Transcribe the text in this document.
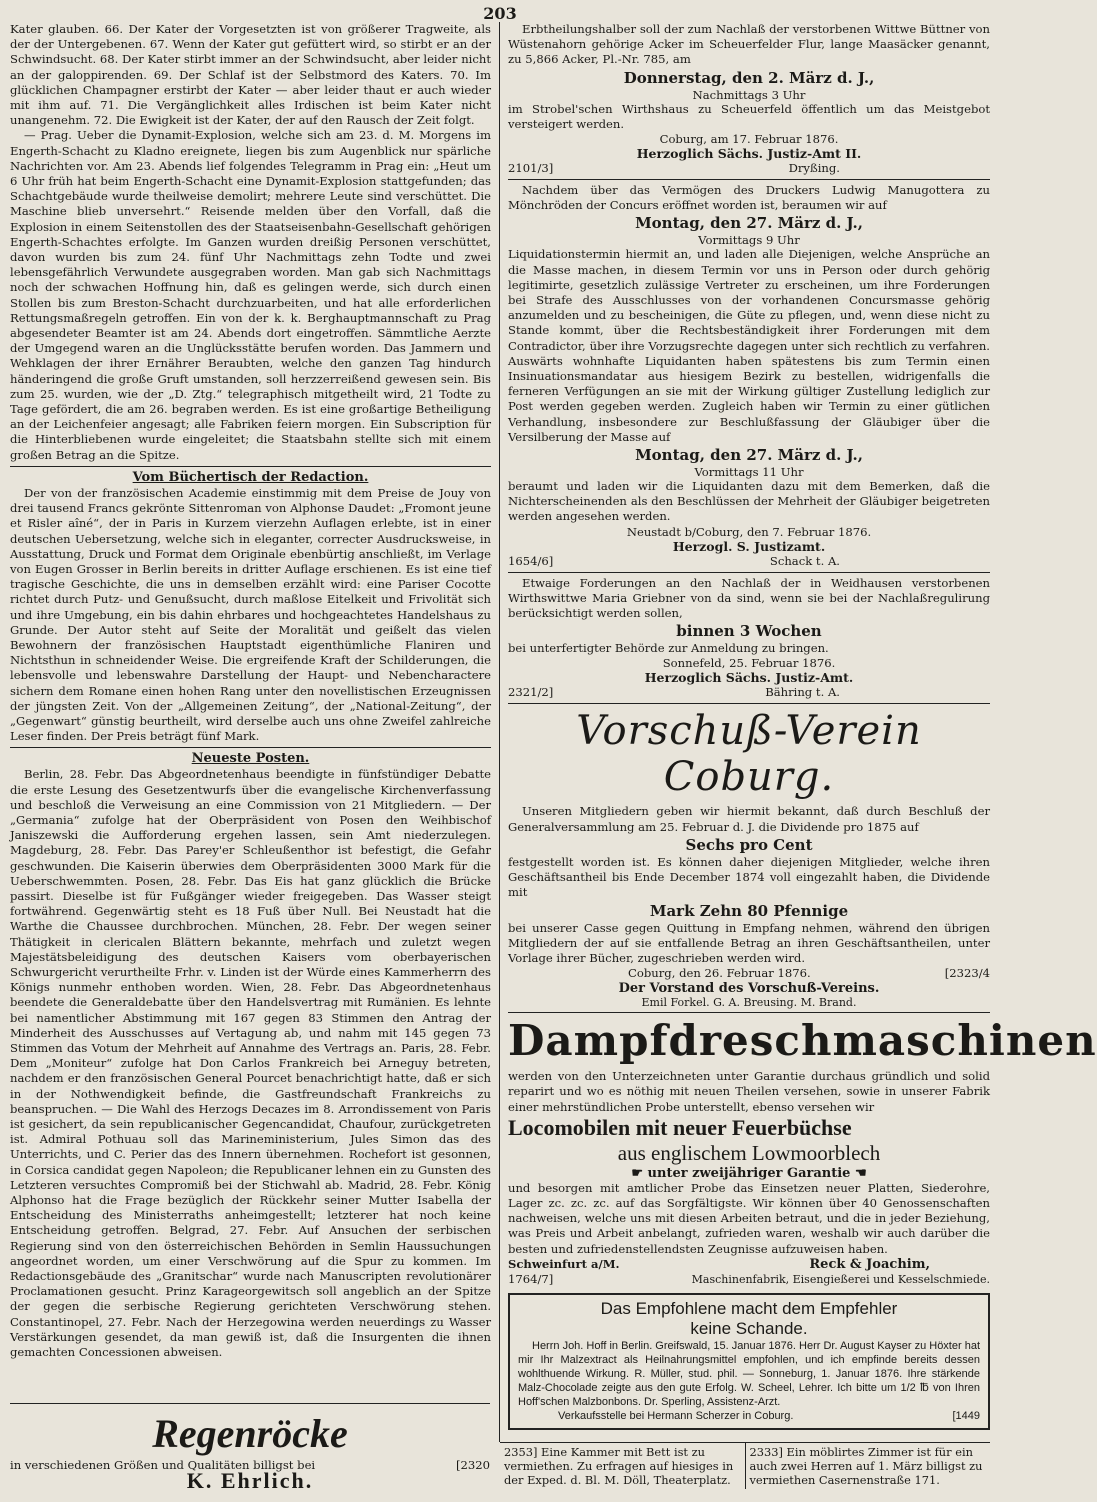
203

Kater glauben. 66. Der Kater der Vorgesetzten ist von größerer Tragweite, als der der Untergebenen. 67. Wenn der Kater gut gefüttert wird, so stirbt er an der Schwindsucht. 68. Der Kater stirbt immer an der Schwindsucht, aber leider nicht an der galoppirenden. 69. Der Schlaf ist der Selbstmord des Katers. 70. Im glücklichen Champagner erstirbt der Kater — aber leider thaut er auch wieder mit ihm auf. 71. Die Vergänglichkeit alles Irdischen ist beim Kater nicht unangenehm. 72. Die Ewigkeit ist der Kater, der auf den Rausch der Zeit folgt.

— Prag. Ueber die Dynamit-Explosion, welche sich am 23. d. M. Morgens im Engerth-Schacht zu Kladno ereignete, liegen bis zum Augenblick nur spärliche Nachrichten vor. Am 23. Abends lief folgendes Telegramm in Prag ein: „Heut um 6 Uhr früh hat beim Engerth-Schacht eine Dynamit-Explosion stattgefunden; das Schachtgebäude wurde theilweise demolirt; mehrere Leute sind verschüttet. Die Maschine blieb unversehrt.“ Reisende melden über den Vorfall, daß die Explosion in einem Seitenstollen des der Staatseisenbahn-Gesellschaft gehörigen Engerth-Schachtes erfolgte. Im Ganzen wurden dreißig Personen verschüttet, davon wurden bis zum 24. fünf Uhr Nachmittags zehn Todte und zwei lebensgefährlich Verwundete ausgegraben worden. Man gab sich Nachmittags noch der schwachen Hoffnung hin, daß es gelingen werde, sich durch einen Stollen bis zum Breston-Schacht durchzuarbeiten, und hat alle erforderlichen Rettungsmaßregeln getroffen. Ein von der k. k. Berghauptmannschaft zu Prag abgesendeter Beamter ist am 24. Abends dort eingetroffen. Sämmtliche Aerzte der Umgegend waren an die Unglücksstätte berufen worden. Das Jammern und Wehklagen der ihrer Ernährer Beraubten, welche den ganzen Tag hindurch händeringend die große Gruft umstanden, soll herzzerreißend gewesen sein. Bis zum 25. wurden, wie der „D. Ztg.“ telegraphisch mitgetheilt wird, 21 Todte zu Tage gefördert, die am 26. begraben werden. Es ist eine großartige Betheiligung an der Leichenfeier angesagt; alle Fabriken feiern morgen. Ein Subscription für die Hinterbliebenen wurde eingeleitet; die Staatsbahn stellte sich mit einem großen Betrag an die Spitze.

Vom Büchertisch der Redaction.

Der von der französischen Academie einstimmig mit dem Preise de Jouy von drei tausend Francs gekrönte Sittenroman von Alphonse Daudet: „Fromont jeune et Risler aîné“, der in Paris in Kurzem vierzehn Auflagen erlebte, ist in einer deutschen Uebersetzung, welche sich in eleganter, correcter Ausdrucksweise, in Ausstattung, Druck und Format dem Originale ebenbürtig anschließt, im Verlage von Eugen Grosser in Berlin bereits in dritter Auflage erschienen. Es ist eine tief tragische Geschichte, die uns in demselben erzählt wird: eine Pariser Cocotte richtet durch Putz- und Genußsucht, durch maßlose Eitelkeit und Frivolität sich und ihre Umgebung, ein bis dahin ehrbares und hochgeachtetes Handelshaus zu Grunde. Der Autor steht auf Seite der Moralität und geißelt das vielen Bewohnern der französischen Hauptstadt eigenthümliche Flaniren und Nichtsthun in schneidender Weise. Die ergreifende Kraft der Schilderungen, die lebensvolle und lebenswahre Darstellung der Haupt- und Nebencharactere sichern dem Romane einen hohen Rang unter den novellistischen Erzeugnissen der jüngsten Zeit. Von der „Allgemeinen Zeitung“, der „National-Zeitung“, der „Gegenwart“ günstig beurtheilt, wird derselbe auch uns ohne Zweifel zahlreiche Leser finden. Der Preis beträgt fünf Mark.

Neueste Posten.

Berlin, 28. Febr. Das Abgeordnetenhaus beendigte in fünfstündiger Debatte die erste Lesung des Gesetzentwurfs über die evangelische Kirchenverfassung und beschloß die Verweisung an eine Commission von 21 Mitgliedern. — Der „Germania“ zufolge hat der Oberpräsident von Posen den Weihbischof Janiszewski die Aufforderung ergehen lassen, sein Amt niederzulegen. Magdeburg, 28. Febr. Das Parey'er Schleußenthor ist befestigt, die Gefahr geschwunden. Die Kaiserin überwies dem Oberpräsidenten 3000 Mark für die Ueberschwemmten. Posen, 28. Febr. Das Eis hat ganz glücklich die Brücke passirt. Dieselbe ist für Fußgänger wieder freigegeben. Das Wasser steigt fortwährend. Gegenwärtig steht es 18 Fuß über Null. Bei Neustadt hat die Warthe die Chaussee durchbrochen. München, 28. Febr. Der wegen seiner Thätigkeit in clericalen Blättern bekannte, mehrfach und zuletzt wegen Majestätsbeleidigung des deutschen Kaisers vom oberbayerischen Schwurgericht verurtheilte Frhr. v. Linden ist der Würde eines Kammerherrn des Königs nunmehr enthoben worden. Wien, 28. Febr. Das Abgeordnetenhaus beendete die Generaldebatte über den Handelsvertrag mit Rumänien. Es lehnte bei namentlicher Abstimmung mit 167 gegen 83 Stimmen den Antrag der Minderheit des Ausschusses auf Vertagung ab, und nahm mit 145 gegen 73 Stimmen das Votum der Mehrheit auf Annahme des Vertrags an. Paris, 28. Febr. Dem „Moniteur“ zufolge hat Don Carlos Frankreich bei Arneguy betreten, nachdem er den französischen General Pourcet benachrichtigt hatte, daß er sich in der Nothwendigkeit befinde, die Gastfreundschaft Frankreichs zu beanspruchen. — Die Wahl des Herzogs Decazes im 8. Arrondissement von Paris ist gesichert, da sein republicanischer Gegencandidat, Chaufour, zurückgetreten ist. Admiral Pothuau soll das Marineministerium, Jules Simon das des Unterrichts, und C. Perier das des Innern übernehmen. Rochefort ist gesonnen, in Corsica candidat gegen Napoleon; die Republicaner lehnen ein zu Gunsten des Letzteren versuchtes Compromiß bei der Stichwahl ab. Madrid, 28. Febr. König Alphonso hat die Frage bezüglich der Rückkehr seiner Mutter Isabella der Entscheidung des Ministerraths anheimgestellt; letzterer hat noch keine Entscheidung getroffen. Belgrad, 27. Febr. Auf Ansuchen der serbischen Regierung sind von den österreichischen Behörden in Semlin Haussuchungen angeordnet worden, um einer Verschwörung auf die Spur zu kommen. Im Redactionsgebäude des „Granitschar“ wurde nach Manuscripten revolutionärer Proclamationen gesucht. Prinz Karageorgewitsch soll angeblich an der Spitze der gegen die serbische Regierung gerichteten Verschwörung stehen. Constantinopel, 27. Febr. Nach der Herzegowina werden neuerdings zu Wasser Verstärkungen gesendet, da man gewiß ist, daß die Insurgenten die ihnen gemachten Concessionen abweisen.

Erbtheilungshalber soll der zum Nachlaß der verstorbenen Wittwe Büttner von Wüstenahorn gehörige Acker im Scheuerfelder Flur, lange Maasäcker genannt, zu 5,866 Acker, Pl.-Nr. 785, am

Donnerstag, den 2. März d. J.,
Nachmittags 3 Uhr

im Strobel'schen Wirthshaus zu Scheuerfeld öffentlich um das Meistgebot versteigert werden.

Coburg, am 17. Februar 1876.
Herzoglich Sächs. Justiz-Amt II.
2101/3]	Dryßing.

Nachdem über das Vermögen des Druckers Ludwig Manugottera zu Mönchröden der Concurs eröffnet worden ist, beraumen wir auf

Montag, den 27. März d. J.,
Vormittags 9 Uhr

Liquidationstermin hiermit an, und laden alle Diejenigen, welche Ansprüche an die Masse machen, in diesem Termin vor uns in Person oder durch gehörig legitimirte, gesetzlich zulässige Vertreter zu erscheinen, um ihre Forderungen bei Strafe des Ausschlusses von der vorhandenen Concursmasse gehörig anzumelden und zu bescheinigen, die Güte zu pflegen, und, wenn diese nicht zu Stande kommt, über die Rechtsbeständigkeit ihrer Forderungen mit dem Contradictor, über ihre Vorzugsrechte dagegen unter sich rechtlich zu verfahren. Auswärts wohnhafte Liquidanten haben spätestens bis zum Termin einen Insinuationsmandatar aus hiesigem Bezirk zu bestellen, widrigenfalls die ferneren Verfügungen an sie mit der Wirkung gültiger Zustellung lediglich zur Post werden gegeben werden. Zugleich haben wir Termin zu einer gütlichen Verhandlung, insbesondere zur Beschlußfassung der Gläubiger über die Versilberung der Masse auf

Montag, den 27. März d. J.,
Vormittags 11 Uhr

beraumt und laden wir die Liquidanten dazu mit dem Bemerken, daß die Nichterscheinenden als den Beschlüssen der Mehrheit der Gläubiger beigetreten werden angesehen werden.

Neustadt b/Coburg, den 7. Februar 1876.
Herzogl. S. Justizamt.
1654/6]	Schack t. A.

Etwaige Forderungen an den Nachlaß der in Weidhausen verstorbenen Wirthswittwe Maria Griebner von da sind, wenn sie bei der Nachlaßregulirung berücksichtigt werden sollen,

binnen 3 Wochen

bei unterfertigter Behörde zur Anmeldung zu bringen.

Sonnefeld, 25. Februar 1876.
Herzoglich Sächs. Justiz-Amt.
2321/2]	Bähring t. A.
Vorschuß-Verein Coburg.

Unseren Mitgliedern geben wir hiermit bekannt, daß durch Beschluß der Generalversammlung am 25. Februar d. J. die Dividende pro 1875 auf

Sechs pro Cent

festgestellt worden ist. Es können daher diejenigen Mitglieder, welche ihren Geschäftsantheil bis Ende December 1874 voll eingezahlt haben, die Dividende mit

Mark Zehn 80 Pfennige

bei unserer Casse gegen Quittung in Empfang nehmen, während den übrigen Mitgliedern der auf sie entfallende Betrag an ihren Geschäftsantheilen, unter Vorlage ihrer Bücher, zugeschrieben werden wird.

Coburg, den 26. Februar 1876.	[2323/4
Der Vorstand des Vorschuß-Vereins.
Emil Forkel. G. A. Breusing. M. Brand.
Dampfdreschmaschinen

werden von den Unterzeichneten unter Garantie durchaus gründlich und solid reparirt und wo es nöthig mit neuen Theilen versehen, sowie in unserer Fabrik einer mehrstündlichen Probe unterstellt, ebenso versehen wir

Locomobilen mit neuer Feuerbüchse
aus englischem Lowmoorblech
☛ unter zweijähriger Garantie ☚

und besorgen mit amtlicher Probe das Einsetzen neuer Platten, Siederohre, Lager zc. zc. zc. auf das Sorgfältigste. Wir können über 40 Genossenschaften nachweisen, welche uns mit diesen Arbeiten betraut, und die in jeder Beziehung, was Preis und Arbeit anbelangt, zufrieden waren, weshalb wir auch darüber die besten und zufriedenstellendsten Zeugnisse aufzuweisen haben.

Schweinfurt a/M.	Reck & Joachim,
1764/7]	Maschinenfabrik, Eisengießerei und Kesselschmiede.
Das Empfohlene macht dem Empfehler
keine Schande.

Herrn Joh. Hoff in Berlin. Greifswald, 15. Januar 1876. Herr Dr. August Kayser zu Höxter hat mir Ihr Malzextract als Heilnahrungsmittel empfohlen, und ich empfinde bereits dessen wohlthuende Wirkung. R. Müller, stud. phil. — Sonneburg, 1. Januar 1876. Ihre stärkende Malz-Chocolade zeigte aus den gute Erfolg. W. Scheel, Lehrer. Ich bitte um 1/2 ℔ von Ihren Hoff'schen Malzbonbons. Dr. Sperling, Assistenz-Arzt.

Verkaufsstelle bei Hermann Scherzer in Coburg.	[1449
Regenröcke
in verschiedenen Größen und Qualitäten billigst bei	[2320
K. Ehrlich.
2353] Eine Kammer mit Bett ist zu vermiethen. Zu erfragen auf hiesiges in der Exped. d. Bl. M. Döll, Theaterplatz.
2333] Ein möblirtes Zimmer ist für ein auch zwei Herren auf 1. März billigst zu vermiethen Casernenstraße 171.
